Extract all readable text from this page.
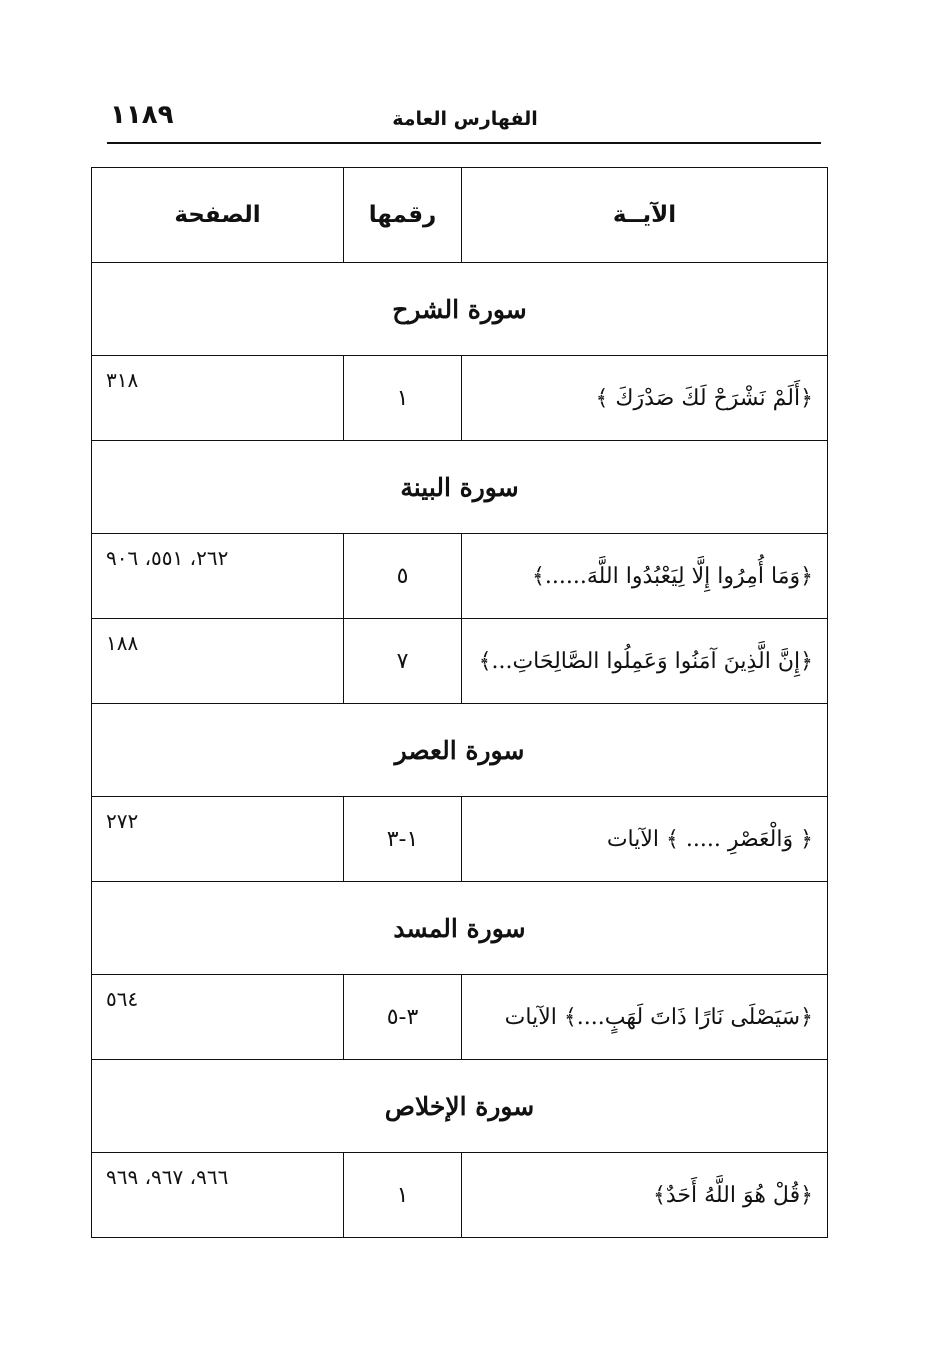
١١٨٩	الفهارس العامة
الآيــة	رقمها	الصفحة
سورة الشرح		
﴿أَلَمْ نَشْرَحْ لَكَ صَدْرَكَ ﴾	١	٣١٨

سورة البينة		
﴿وَمَا أُمِرُوا إِلَّا لِيَعْبُدُوا اللَّهَ......﴾	٥	٢٦٢، ٥٥١، ٩٠٦

﴿إِنَّ الَّذِينَ آمَنُوا وَعَمِلُوا الصَّالِحَاتِ...﴾	٧	١٨٨

سورة العصر		
﴿ وَالْعَصْرِ ..... ﴾ الآيات	١-٣	٢٧٢

سورة المسد		
﴿سَيَصْلَى نَارًا ذَاتَ لَهَبٍ....﴾ الآيات	٣-٥	٥٦٤

سورة الإخلاص		
﴿قُلْ هُوَ اللَّهُ أَحَدٌ﴾	١	٩٦٦، ٩٦٧، ٩٦٩
